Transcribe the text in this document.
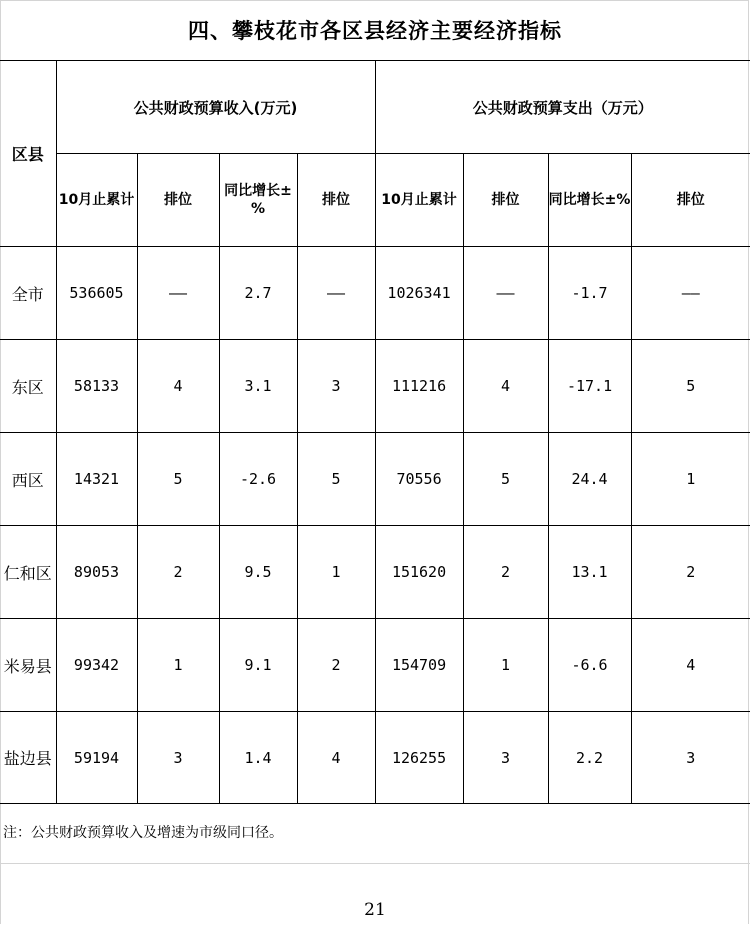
四、攀枝花市各区县经济主要经济指标
区县	公共财政预算收入(万元)				公共财政预算支出（万元）			
	10月止累计	排位	同比增长±%	排位	10月止累计	排位	同比增长±%	排位
全市	536605	——	2.7	——	1026341	——	-1.7	——
东区	58133	4	3.1	3	111216	4	-17.1	5
西区	14321	5	-2.6	5	70556	5	24.4	1
仁和区	89053	2	9.5	1	151620	2	13.1	2
米易县	99342	1	9.1	2	154709	1	-6.6	4
盐边县	59194	3	1.4	4	126255	3	2.2	3
注：公共财政预算收入及增速为市级同口径。
21
